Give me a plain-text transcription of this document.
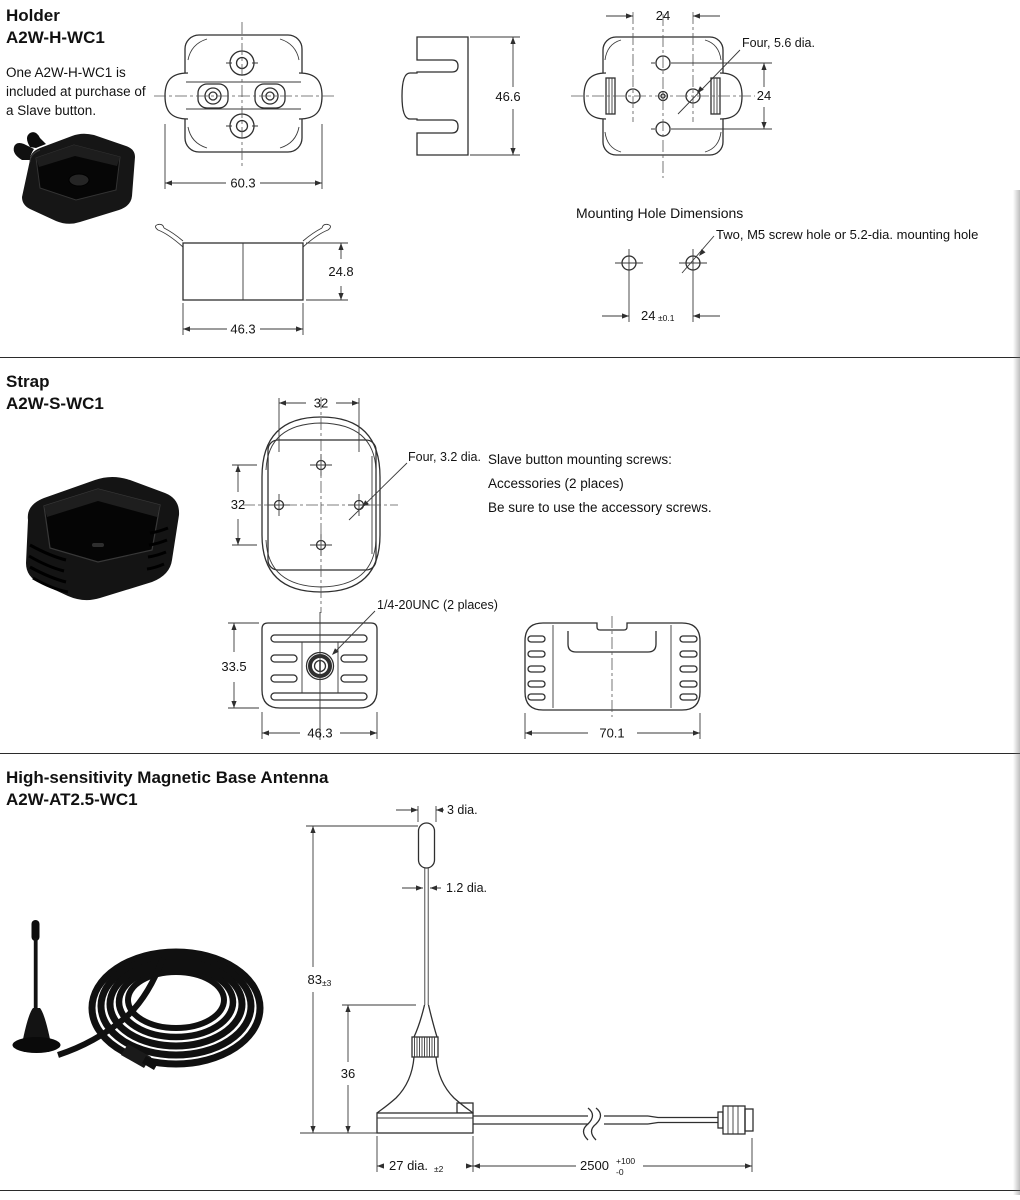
Holder
A2W-H-WC1
One A2W-H-WC1 is
included at purchase of
a Slave button.
Mounting Hole Dimensions
Two, M5 screw hole or 5.2-dia. mounting hole
60.3
46.6
24
24
Four, 5.6 dia.
24.8
46.3
24 ±0.1
Strap
A2W-S-WC1
Slave button mounting screws:
Accessories (2 places)
Be sure to use the accessory screws.
32
32
Four, 3.2 dia.
1/4-20UNC (2 places)
33.5
46.3	70.1
High-sensitivity Magnetic Base Antenna
A2W-AT2.5-WC1
3 dia.
1.2 dia.
83 ±3
36
27 dia. ±2	2500 +100
-0
